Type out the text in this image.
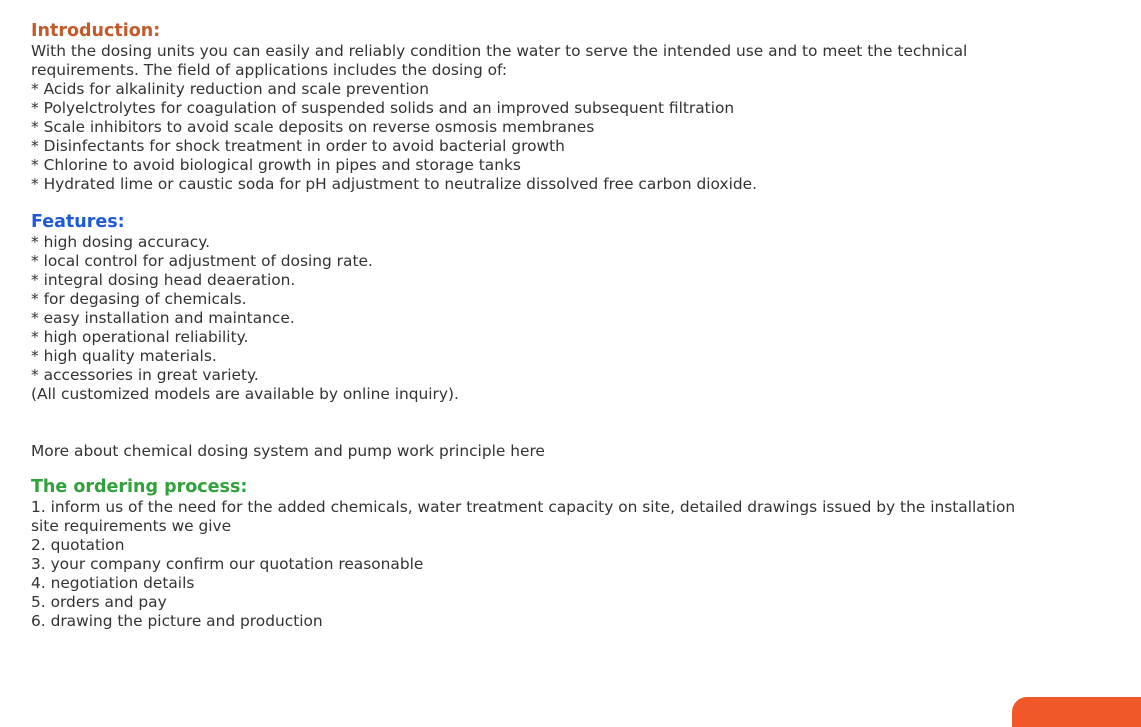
Introduction:

With the dosing units you can easily and reliably condition the water to serve the intended use and to meet the technical requirements. The field of applications includes the dosing of:

* Acids for alkalinity reduction and scale prevention
* Polyelctrolytes for coagulation of suspended solids and an improved subsequent filtration
* Scale inhibitors to avoid scale deposits on reverse osmosis membranes
* Disinfectants for shock treatment in order to avoid bacterial growth
* Chlorine to avoid biological growth in pipes and storage tanks
* Hydrated lime or caustic soda for pH adjustment to neutralize dissolved free carbon dioxide.
Features:
* high dosing accuracy.
* local control for adjustment of dosing rate.
* integral dosing head deaeration.
* for degasing of chemicals.
* easy installation and maintance.
* high operational reliability.
* high quality materials.
* accessories in great variety.
(All customized models are available by online inquiry).
More about chemical dosing system and pump work principle here
The ordering process:
1. inform us of the need for the added chemicals, water treatment capacity on site, detailed drawings issued by the installation site requirements we give
2. quotation
3. your company confirm our quotation reasonable
4. negotiation details
5. orders and pay
6. drawing the picture and production
